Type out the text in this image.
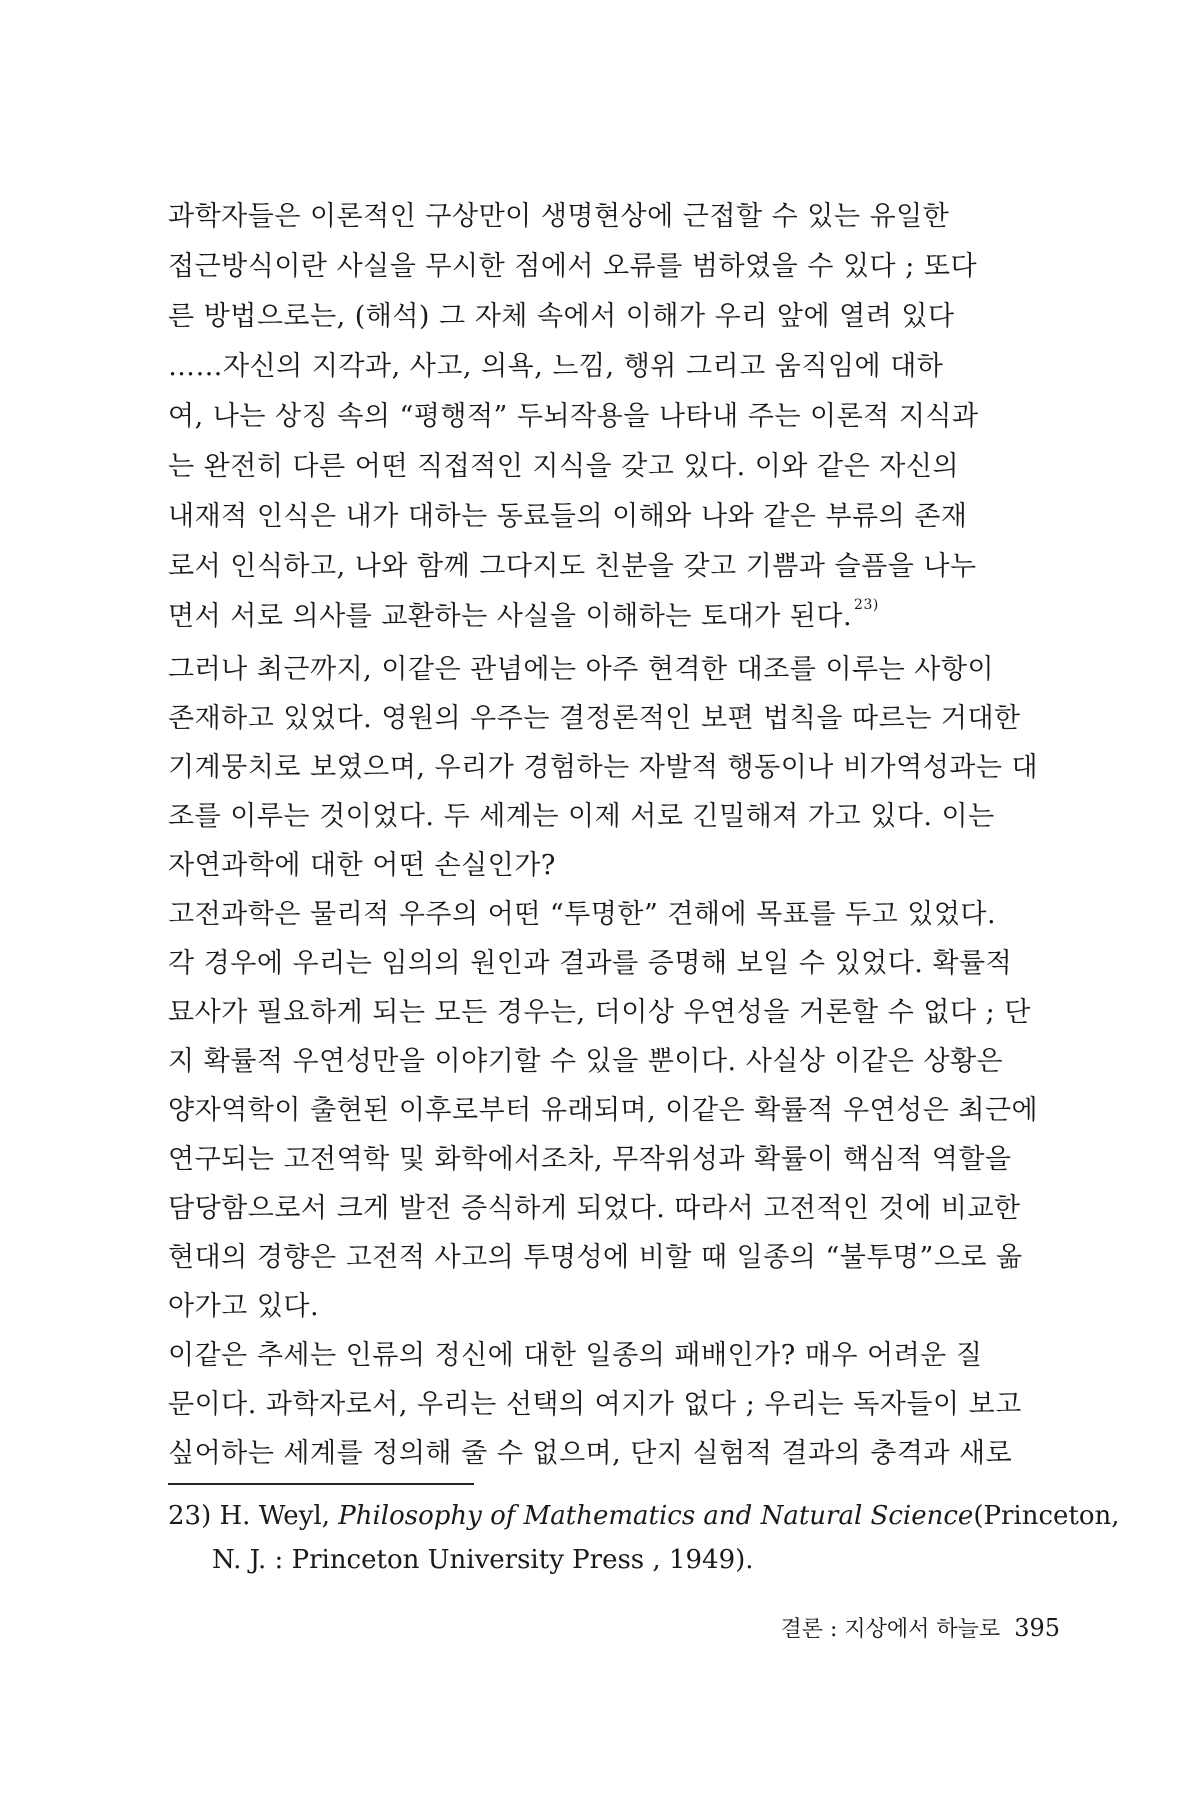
과학자들은 이론적인 구상만이 생명현상에 근접할 수 있는 유일한
접근방식이란 사실을 무시한 점에서 오류를 범하였을 수 있다 ; 또다
른 방법으로는, (해석) 그 자체 속에서 이해가 우리 앞에 열려 있다
……자신의 지각과, 사고, 의욕, 느낌, 행위 그리고 움직임에 대하
여, 나는 상징 속의 “평행적” 두뇌작용을 나타내 주는 이론적 지식과
는 완전히 다른 어떤 직접적인 지식을 갖고 있다. 이와 같은 자신의
내재적 인식은 내가 대하는 동료들의 이해와 나와 같은 부류의 존재
로서 인식하고, 나와 함께 그다지도 친분을 갖고 기쁨과 슬픔을 나누
면서 서로 의사를 교환하는 사실을 이해하는 토대가 된다. $^{23)}$
그러나 최근까지, 이같은 관념에는 아주 현격한 대조를 이루는 사항이
존재하고 있었다. 영원의 우주는 결정론적인 보편 법칙을 따르는 거대한
기계뭉치로 보였으며, 우리가 경험하는 자발적 행동이나 비가역성과는 대
조를 이루는 것이었다. 두 세계는 이제 서로 긴밀해져 가고 있다. 이는
자연과학에 대한 어떤 손실인가?
고전과학은 물리적 우주의 어떤 “투명한” 견해에 목표를 두고 있었다.
각 경우에 우리는 임의의 원인과 결과를 증명해 보일 수 있었다. 확률적
묘사가 필요하게 되는 모든 경우는, 더이상 우연성을 거론할 수 없다 ; 단
지 확률적 우연성만을 이야기할 수 있을 뿐이다. 사실상 이같은 상황은
양자역학이 출현된 이후로부터 유래되며, 이같은 확률적 우연성은 최근에
연구되는 고전역학 및 화학에서조차, 무작위성과 확률이 핵심적 역할을
담당함으로서 크게 발전 증식하게 되었다. 따라서 고전적인 것에 비교한
현대의 경향은 고전적 사고의 투명성에 비할 때 일종의 “불투명”으로 옮
아가고 있다.
이같은 추세는 인류의 정신에 대한 일종의 패배인가? 매우 어려운 질
문이다. 과학자로서, 우리는 선택의 여지가 없다 ; 우리는 독자들이 보고
싶어하는 세계를 정의해 줄 수 없으며, 단지 실험적 결과의 충격과 새로
23) H. Weyl, Philosophy of Mathematics and Natural Science(Princeton,
N. J. : Princeton University Press , 1949).
결론 : 지상에서 하늘로 395
